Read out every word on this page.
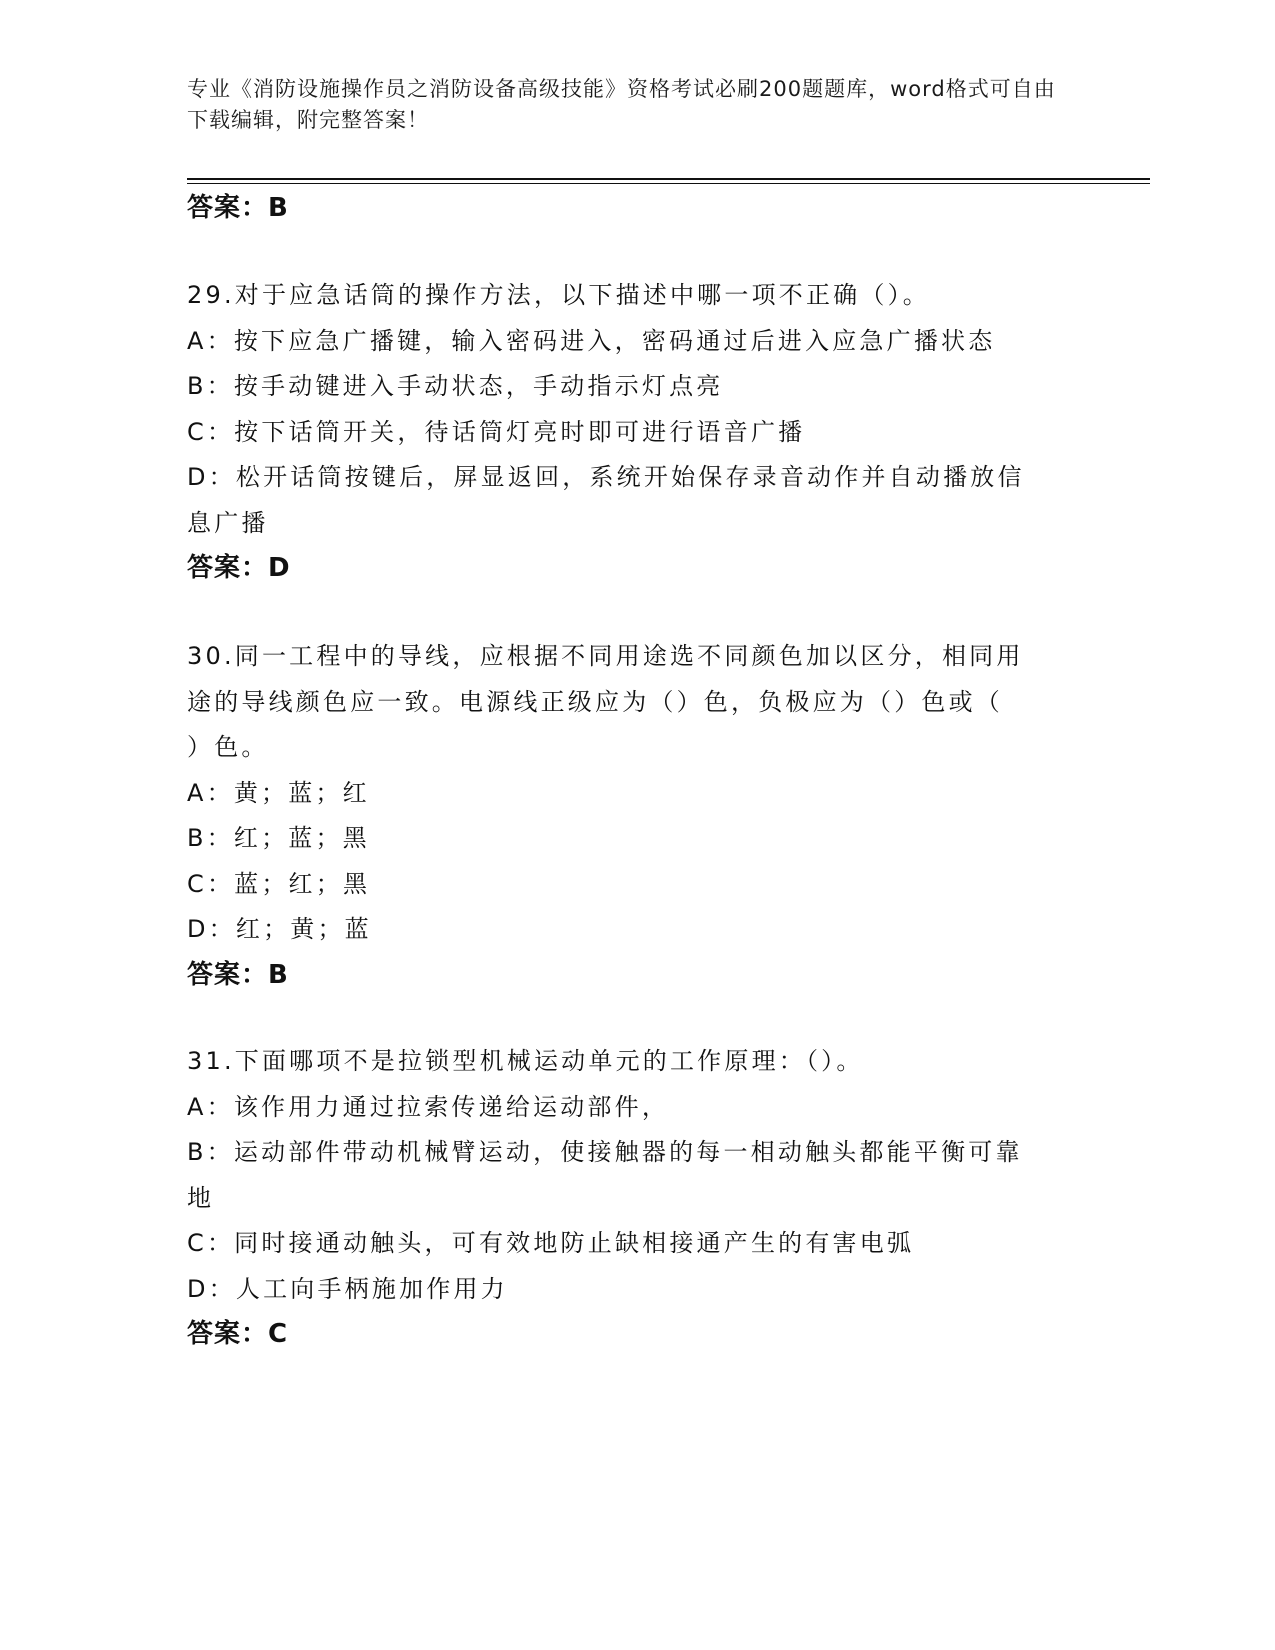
专业《消防设施操作员之消防设备高级技能》资格考试必刷200题题库，word格式可自由下载编辑，附完整答案！
答案：B
29.对于应急话筒的操作方法，以下描述中哪一项不正确（）。
A：按下应急广播键，输入密码进入，密码通过后进入应急广播状态
B：按手动键进入手动状态，手动指示灯点亮
C：按下话筒开关，待话筒灯亮时即可进行语音广播
D：松开话筒按键后，屏显返回，系统开始保存录音动作并自动播放信
息广播
答案：D
30.同一工程中的导线，应根据不同用途选不同颜色加以区分，相同用
途的导线颜色应一致。电源线正级应为（）色，负极应为（）色或（
）色。
A：黄；蓝；红
B：红；蓝；黑
C：蓝；红；黑
D：红；黄；蓝
答案：B
31.下面哪项不是拉锁型机械运动单元的工作原理：（）。
A：该作用力通过拉索传递给运动部件，
B：运动部件带动机械臂运动，使接触器的每一相动触头都能平衡可靠
地
C：同时接通动触头，可有效地防止缺相接通产生的有害电弧
D：人工向手柄施加作用力
答案：C
